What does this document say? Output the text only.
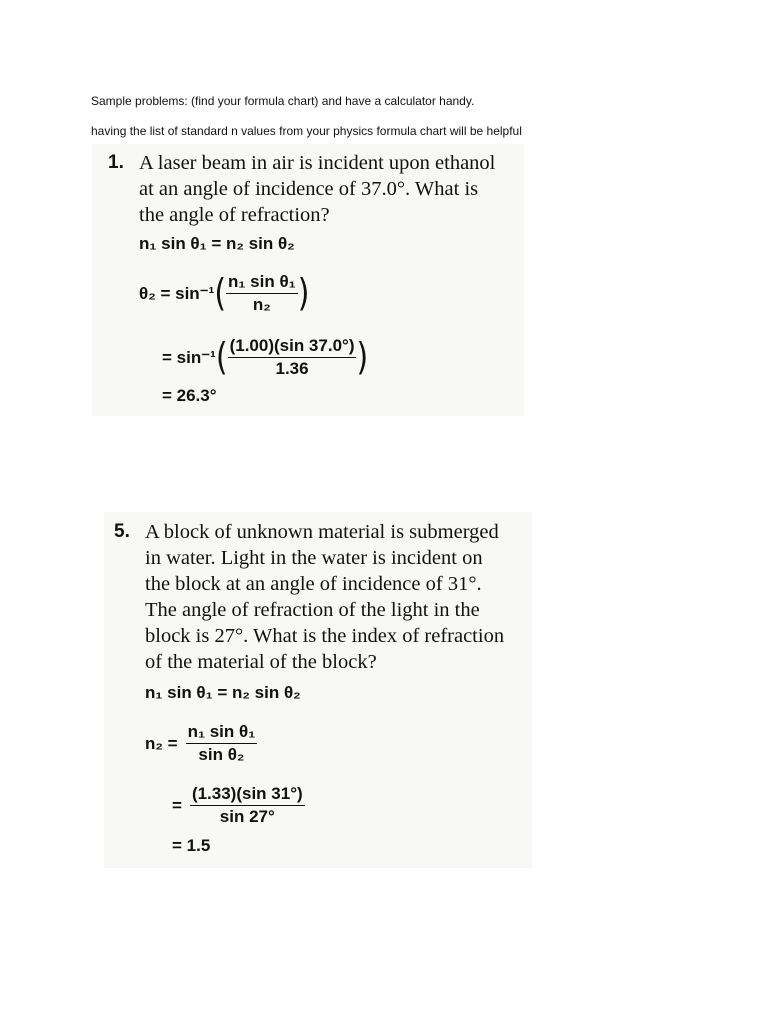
Sample problems: (find your formula chart) and have a calculator handy.
having the list of standard n values from your physics formula chart will be helpful
1. A laser beam in air is incident upon ethanol
at an angle of incidence of 37.0°. What is
the angle of refraction?
n₁ sin θ₁ = n₂ sin θ₂
$\theta_2 = \sin^{-1}( \frac{\text{n₁ sin θ₁}}{\text{n₂}}$ )
= $\sin^{-1}( \frac{(1.00)(\sin 37.0^\circ)}{1.36}$ )
= 26.3°
5. A block of unknown material is submerged
in water. Light in the water is incident on
the block at an angle of incidence of 31°.
The angle of refraction of the light in the
block is 27°. What is the index of refraction
of the material of the block?
n₁ sin θ₁ = n₂ sin θ₂
$n_2 = \frac{\text{n₁ sin θ₁}}{\text{sin θ₂}}$
= $\frac{(1.33)(\sin 31^\circ)}{\sin 27^\circ}$
= 1.5
